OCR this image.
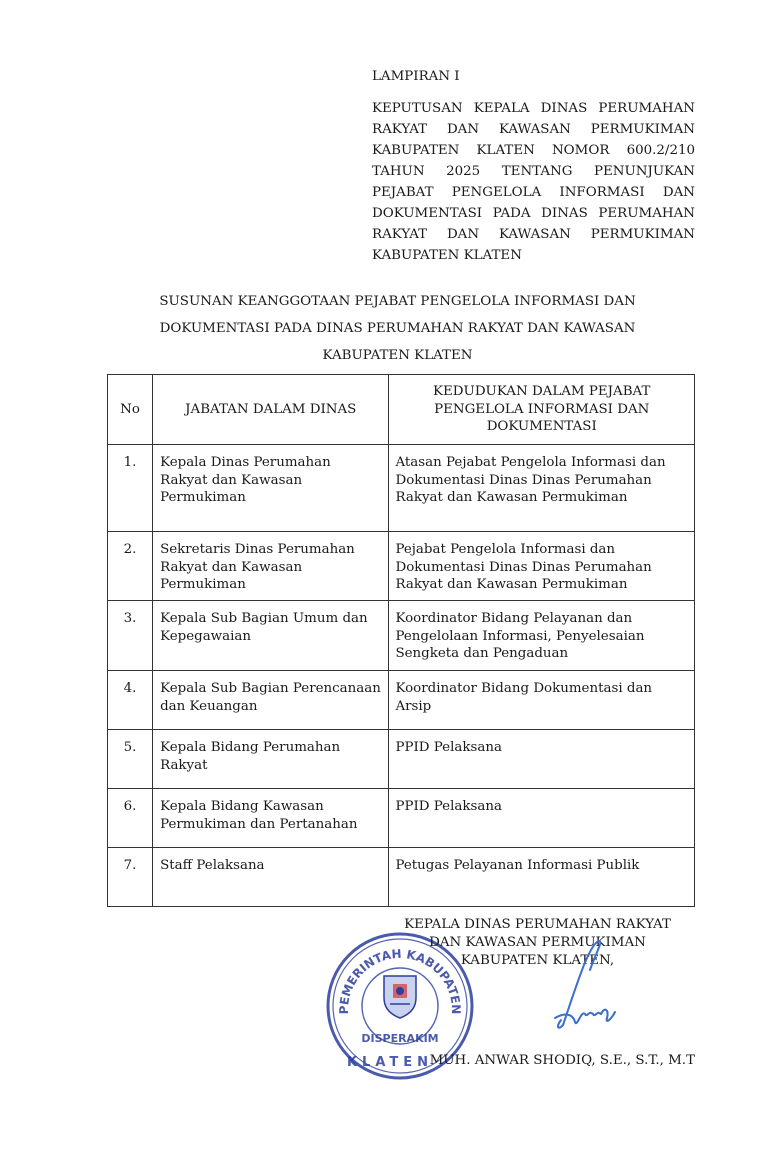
LAMPIRAN I
KEPUTUSAN KEPALA DINAS PERUMAHAN RAKYAT DAN KAWASAN PERMUKIMAN KABUPATEN KLATEN NOMOR 600.2/210 TAHUN 2025 TENTANG PENUNJUKAN PEJABAT PENGELOLA INFORMASI DAN DOKUMENTASI PADA DINAS PERUMAHAN RAKYAT DAN KAWASAN PERMUKIMAN KABUPATEN KLATEN
SUSUNAN KEANGGOTAAN PEJABAT PENGELOLA INFORMASI DAN
DOKUMENTASI PADA DINAS PERUMAHAN RAKYAT DAN KAWASAN
KABUPATEN KLATEN
No	JABATAN DALAM DINAS	KEDUDUKAN DALAM PEJABAT PENGELOLA INFORMASI DAN DOKUMENTASI
1.	Kepala Dinas Perumahan Rakyat dan Kawasan Permukiman	Atasan Pejabat Pengelola Informasi dan Dokumentasi Dinas Dinas Perumahan Rakyat dan Kawasan Permukiman
2.	Sekretaris Dinas Perumahan Rakyat dan Kawasan Permukiman	Pejabat Pengelola Informasi dan Dokumentasi Dinas Dinas Perumahan Rakyat dan Kawasan Permukiman
3.	Kepala Sub Bagian Umum dan Kepegawaian	Koordinator Bidang Pelayanan dan Pengelolaan Informasi, Penyelesaian Sengketa dan Pengaduan
4.	Kepala Sub Bagian Perencanaan dan Keuangan	Koordinator Bidang Dokumentasi dan Arsip
5.	Kepala Bidang Perumahan Rakyat	PPID Pelaksana
6.	Kepala Bidang Kawasan Permukiman dan Pertanahan	PPID Pelaksana
7.	Staff Pelaksana	Petugas Pelayanan Informasi Publik
PEMERINTAH KABUPATEN
DISPERAKIM
KLATEN
KEPALA DINAS PERUMAHAN RAKYAT
DAN KAWASAN PERMUKIMAN
KABUPATEN KLATEN,
MUH. ANWAR SHODIQ, S.E., S.T., M.T
